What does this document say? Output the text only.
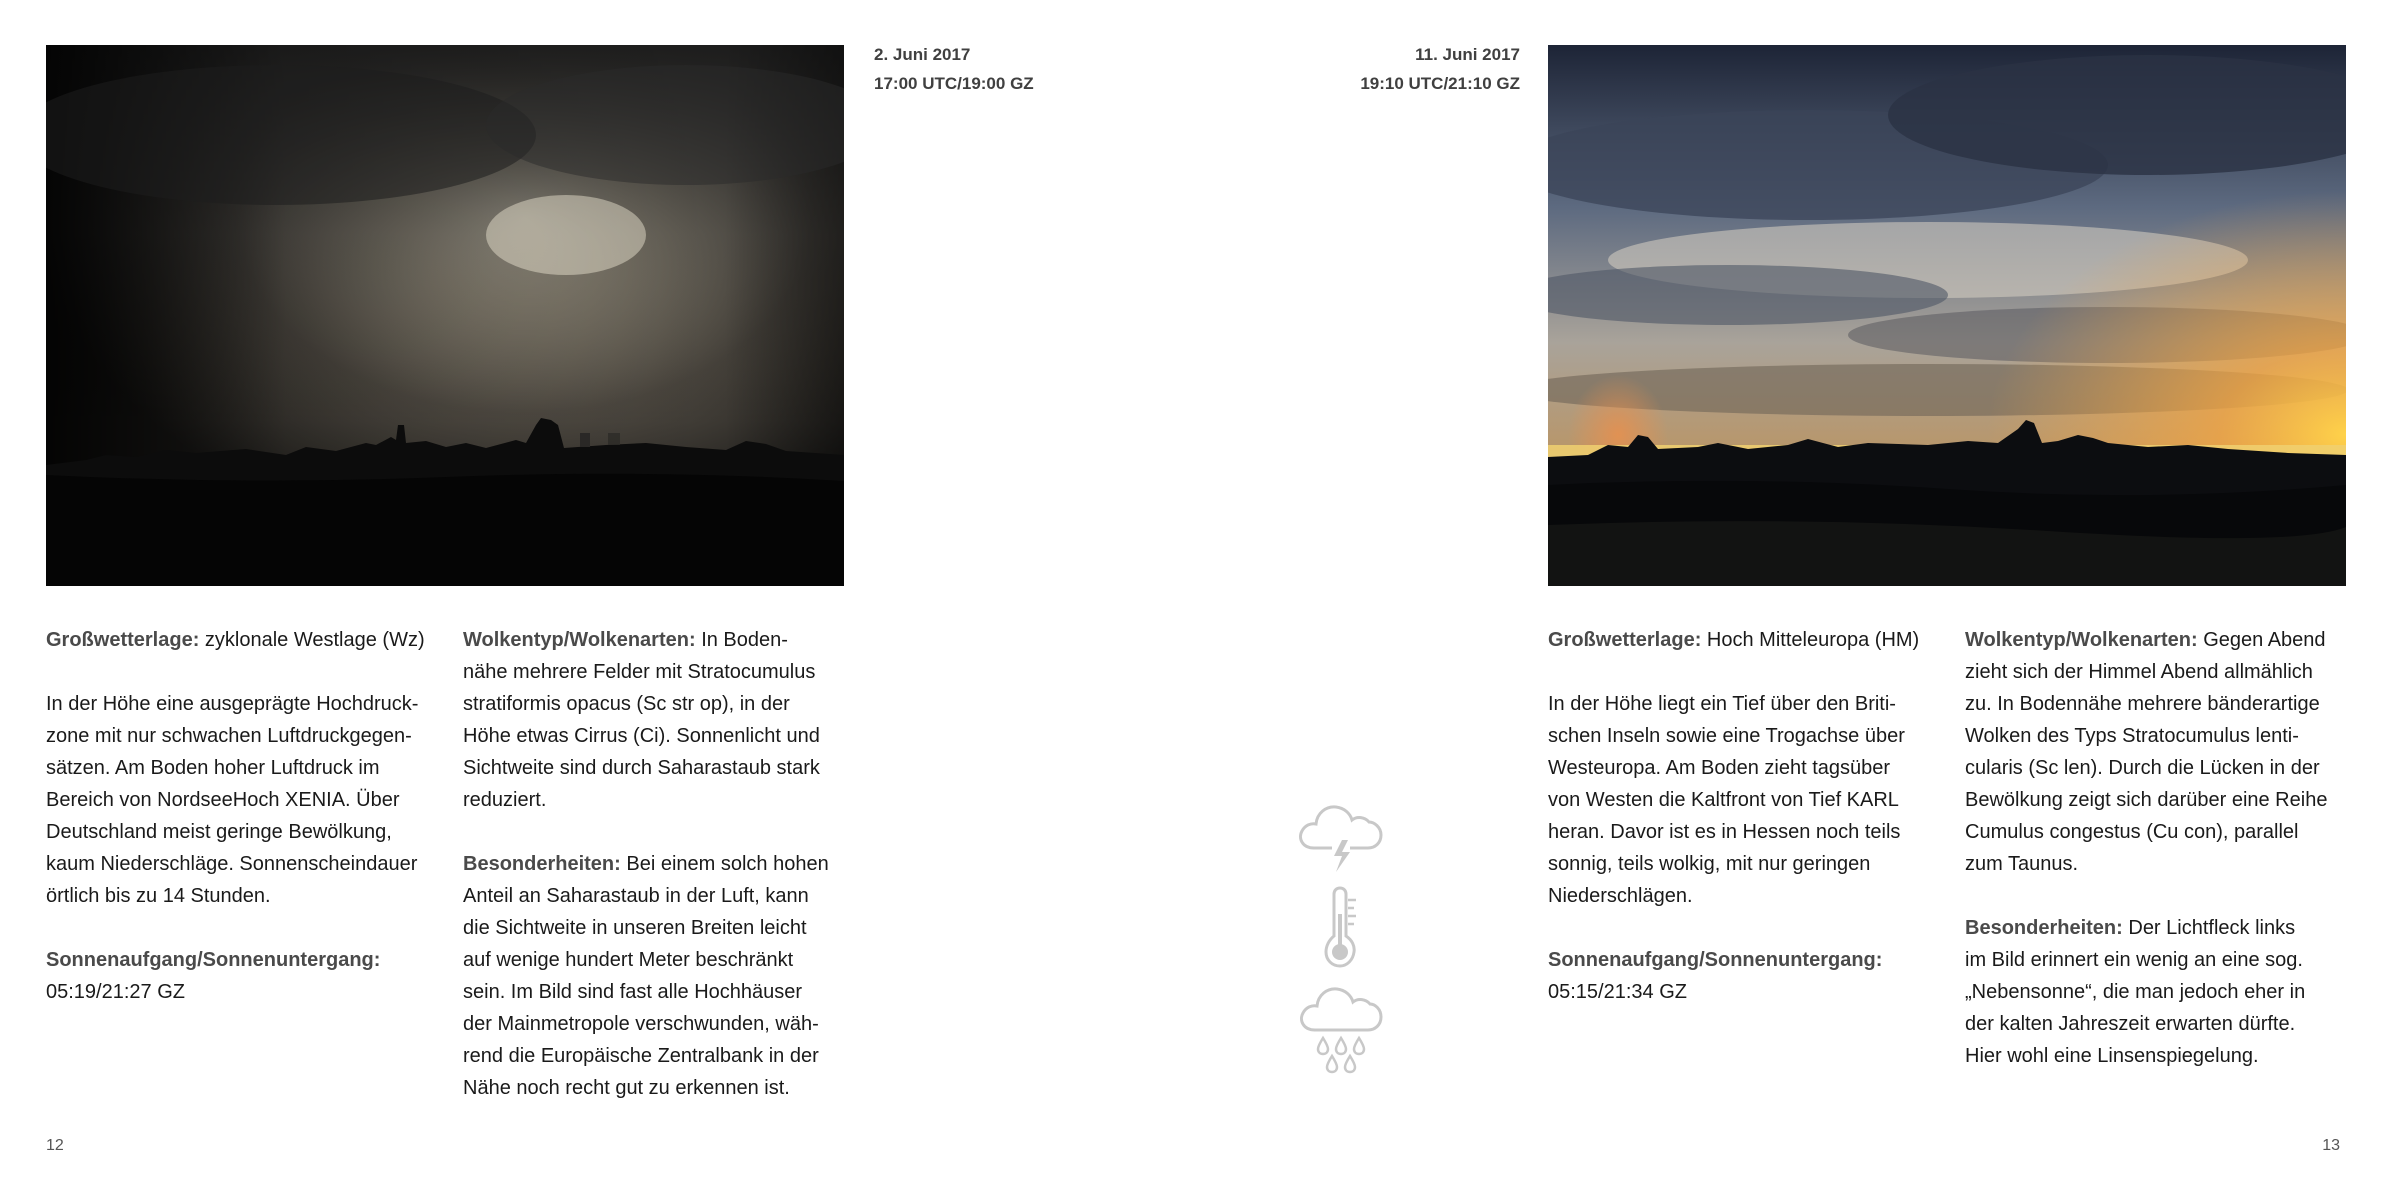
2. Juni 2017
17:00 UTC/19:00 GZ
11. Juni 2017
19:10 UTC/21:10 GZ

Großwetterlage: zyklonale Westlage (Wz)

In der Höhe eine ausgeprägte Hochdruck-
zone mit nur schwachen Luftdruckgegen-
sätzen. Am Boden hoher Luftdruck im
Bereich von NordseeHoch XENIA. Über
Deutschland meist geringe Bewölkung,
kaum Niederschläge. Sonnenscheindauer
örtlich bis zu 14 Stunden.

Sonnenaufgang/Sonnenuntergang:
05:19/21:27 GZ

Wolkentyp/Wolkenarten: In Boden-
nähe mehrere Felder mit Stratocumulus
stratiformis opacus (Sc str op), in der
Höhe etwas Cirrus (Ci). Sonnenlicht und
Sichtweite sind durch Saharastaub stark
reduziert.

Besonderheiten: Bei einem solch hohen
Anteil an Saharastaub in der Luft, kann
die Sichtweite in unseren Breiten leicht
auf wenige hundert Meter beschränkt
sein. Im Bild sind fast alle Hochhäuser
der Mainmetropole verschwunden, wäh-
rend die Europäische Zentralbank in der
Nähe noch recht gut zu erkennen ist.

Großwetterlage: Hoch Mitteleuropa (HM)

In der Höhe liegt ein Tief über den Briti-
schen Inseln sowie eine Trogachse über
Westeuropa. Am Boden zieht tagsüber
von Westen die Kaltfront von Tief KARL
heran. Davor ist es in Hessen noch teils
sonnig, teils wolkig, mit nur geringen
Niederschlägen.

Sonnenaufgang/Sonnenuntergang:
05:15/21:34 GZ

Wolkentyp/Wolkenarten: Gegen Abend
zieht sich der Himmel Abend allmählich
zu. In Bodennähe mehrere bänderartige
Wolken des Typs Stratocumulus lenti-
cularis (Sc len). Durch die Lücken in der
Bewölkung zeigt sich darüber eine Reihe
Cumulus congestus (Cu con), parallel
zum Taunus.

Besonderheiten: Der Lichtfleck links
im Bild erinnert ein wenig an eine sog.
„Nebensonne“, die man jedoch eher in
der kalten Jahreszeit erwarten dürfte.
Hier wohl eine Linsenspiegelung.

12	13
